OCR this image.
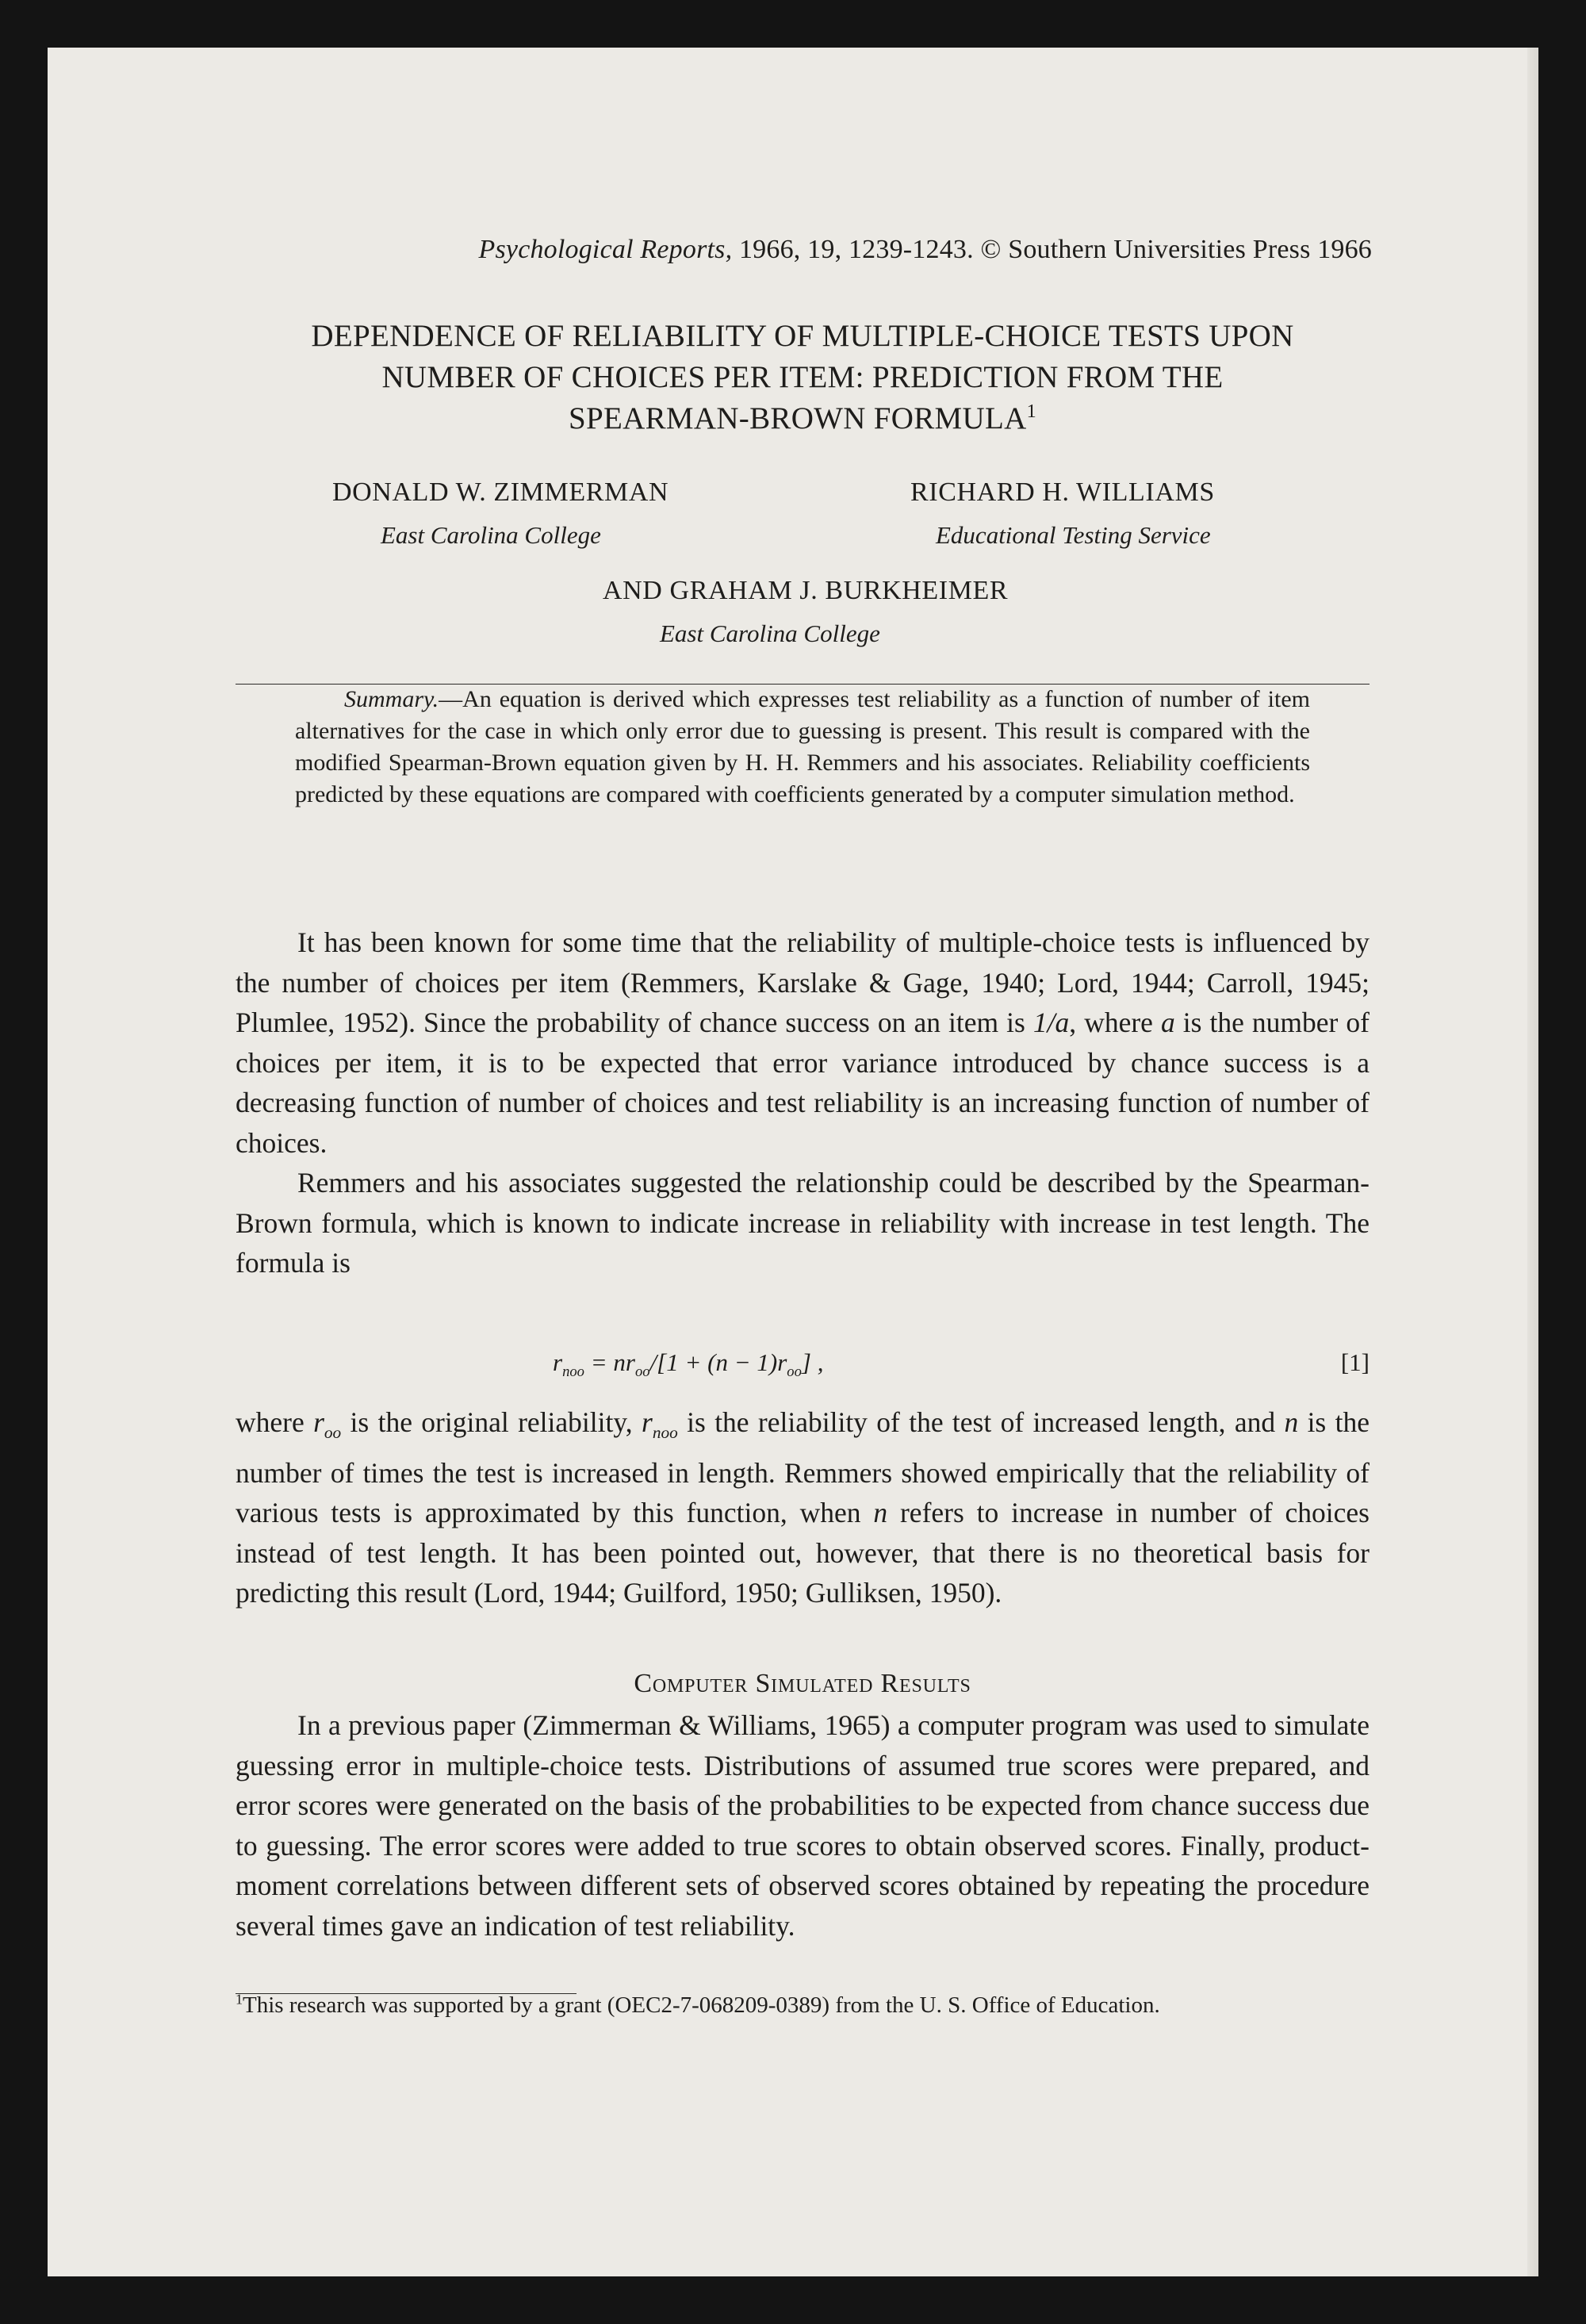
Psychological Reports, 1966, 19, 1239-1243. © Southern Universities Press 1966
DEPENDENCE OF RELIABILITY OF MULTIPLE-CHOICE TESTS UPON
NUMBER OF CHOICES PER ITEM: PREDICTION FROM THE
SPEARMAN-BROWN FORMULA$^1$
DONALD W. ZIMMERMAN
East Carolina College
RICHARD H. WILLIAMS
Educational Testing Service
AND GRAHAM J. BURKHEIMER
East Carolina College
Summary.—An equation is derived which expresses test reliability as a function of number of item alternatives for the case in which only error due to guessing is present. This result is compared with the modified Spearman-Brown equation given by H. H. Remmers and his associates. Reliability coefficients predicted by these equations are compared with coefficients generated by a computer simulation method.

It has been known for some time that the reliability of multiple-choice tests is influenced by the number of choices per item (Remmers, Karslake & Gage, 1940; Lord, 1944; Carroll, 1945; Plumlee, 1952). Since the probability of chance success on an item is 1/a, where a is the number of choices per item, it is to be expected that error variance introduced by chance success is a decreasing function of number of choices and test reliability is an increasing function of number of choices.

Remmers and his associates suggested the relationship could be described by the Spearman-Brown formula, which is known to indicate increase in reliability with increase in test length. The formula is

$r_{noo} = nr_{oo}/[1 + (n - 1)r_{oo}]$ ,	[1]

where $r_{oo}$ is the original reliability, $r_{noo}$ is the reliability of the test of increased length, and n is the number of times the test is increased in length. Remmers showed empirically that the reliability of various tests is approximated by this function, when n refers to increase in number of choices instead of test length. It has been pointed out, however, that there is no theoretical basis for predicting this result (Lord, 1944; Guilford, 1950; Gulliksen, 1950).

Computer Simulated Results

In a previous paper (Zimmerman & Williams, 1965) a computer program was used to simulate guessing error in multiple-choice tests. Distributions of assumed true scores were prepared, and error scores were generated on the basis of the probabilities to be expected from chance success due to guessing. The error scores were added to true scores to obtain observed scores. Finally, product-moment correlations between different sets of observed scores obtained by repeating the procedure several times gave an indication of test reliability.

$^1$This research was supported by a grant (OEC2-7-068209-0389) from the U. S. Office of Education.
